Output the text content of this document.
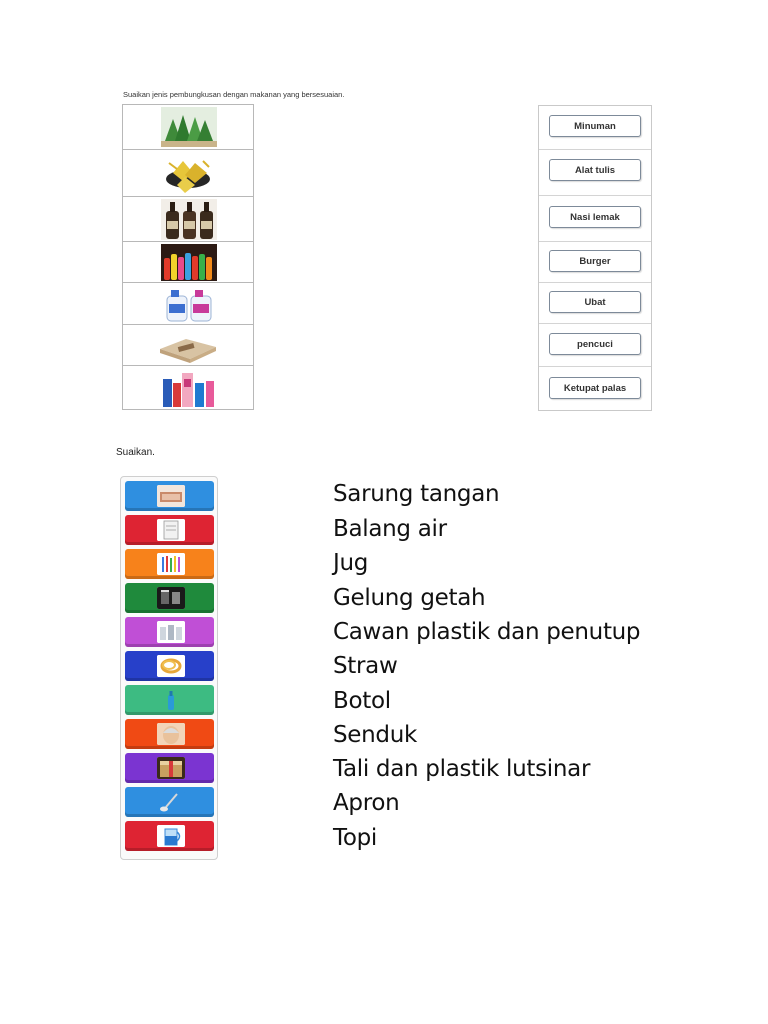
Suaikan jenis pembungkusan dengan makanan yang bersesuaian.
Minuman
Alat tulis
Nasi lemak
Burger
Ubat
pencuci
Ketupat palas
Suaikan.
Sarung tangan
Balang air
Jug
Gelung getah
Cawan plastik dan penutup
Straw
Botol
Senduk
Tali dan plastik lutsinar
Apron
Topi
